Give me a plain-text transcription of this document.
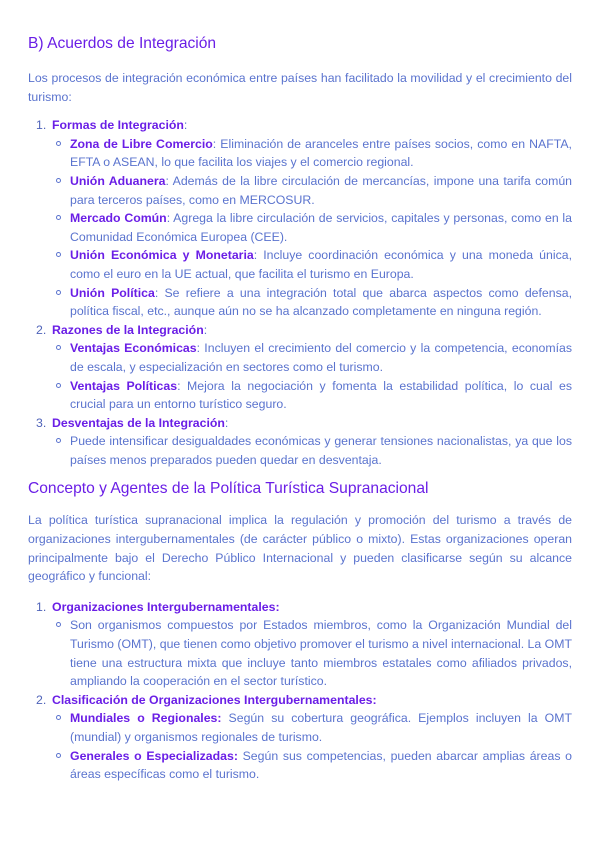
B) Acuerdos de Integración

Los procesos de integración económica entre países han facilitado la movilidad y el crecimiento del turismo:

1. Formas de Integración:
Zona de Libre Comercio: Eliminación de aranceles entre países socios, como en NAFTA, EFTA o ASEAN, lo que facilita los viajes y el comercio regional.
Unión Aduanera: Además de la libre circulación de mercancías, impone una tarifa común para terceros países, como en MERCOSUR.
Mercado Común: Agrega la libre circulación de servicios, capitales y personas, como en la Comunidad Económica Europea (CEE).
Unión Económica y Monetaria: Incluye coordinación económica y una moneda única, como el euro en la UE actual, que facilita el turismo en Europa.
Unión Política: Se refiere a una integración total que abarca aspectos como defensa, política fiscal, etc., aunque aún no se ha alcanzado completamente en ninguna región.
2. Razones de la Integración:
Ventajas Económicas: Incluyen el crecimiento del comercio y la competencia, economías de escala, y especialización en sectores como el turismo.
Ventajas Políticas: Mejora la negociación y fomenta la estabilidad política, lo cual es crucial para un entorno turístico seguro.
3. Desventajas de la Integración:
Puede intensificar desigualdades económicas y generar tensiones nacionalistas, ya que los países menos preparados pueden quedar en desventaja.
Concepto y Agentes de la Política Turística Supranacional

La política turística supranacional implica la regulación y promoción del turismo a través de organizaciones intergubernamentales (de carácter público o mixto). Estas organizaciones operan principalmente bajo el Derecho Público Internacional y pueden clasificarse según su alcance geográfico y funcional:

1. Organizaciones Intergubernamentales:
Son organismos compuestos por Estados miembros, como la Organización Mundial del Turismo (OMT), que tienen como objetivo promover el turismo a nivel internacional. La OMT tiene una estructura mixta que incluye tanto miembros estatales como afiliados privados, ampliando la cooperación en el sector turístico.
2. Clasificación de Organizaciones Intergubernamentales:
Mundiales o Regionales: Según su cobertura geográfica. Ejemplos incluyen la OMT (mundial) y organismos regionales de turismo.
Generales o Especializadas: Según sus competencias, pueden abarcar amplias áreas o áreas específicas como el turismo.
